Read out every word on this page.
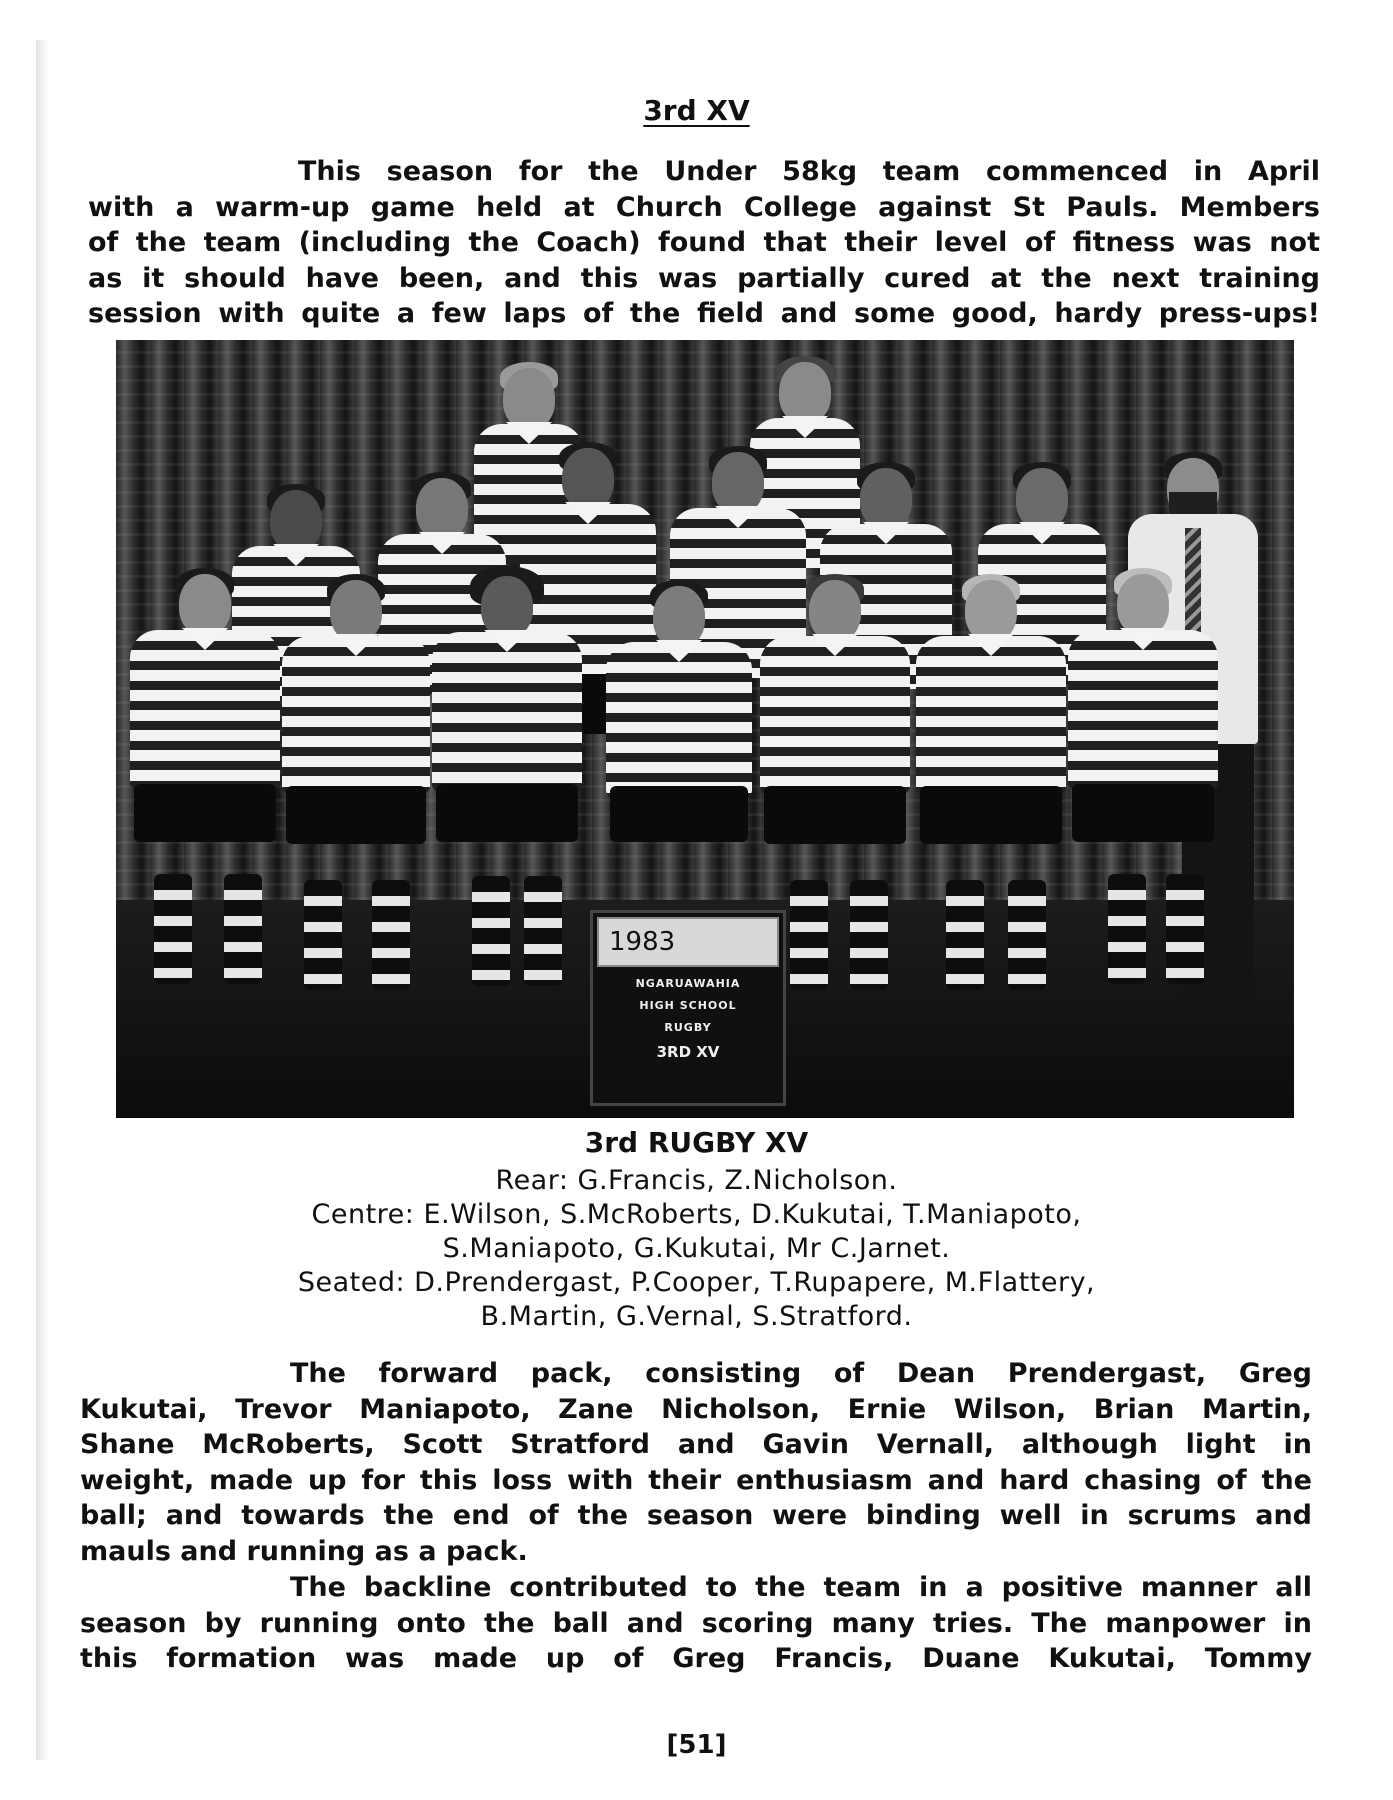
3rd XV
This season for the Under 58kg team commenced in April
with a warm-up game held at Church College against St Pauls. Members
of the team (including the Coach) found that their level of fitness was not
as it should have been, and this was partially cured at the next training
session with quite a few laps of the field and some good, hardy press-ups!
1983
NGARUAWAHIA
HIGH SCHOOL
RUGBY
3RD XV
3rd RUGBY XV
Rear: G.Francis, Z.Nicholson.
Centre: E.Wilson, S.McRoberts, D.Kukutai, T.Maniapoto,
S.Maniapoto, G.Kukutai, Mr C.Jarnet.
Seated: D.Prendergast, P.Cooper, T.Rupapere, M.Flattery,
B.Martin, G.Vernal, S.Stratford.
The forward pack, consisting of Dean Prendergast, Greg
Kukutai, Trevor Maniapoto, Zane Nicholson, Ernie Wilson, Brian Martin,
Shane McRoberts, Scott Stratford and Gavin Vernall, although light in
weight, made up for this loss with their enthusiasm and hard chasing of the
ball; and towards the end of the season were binding well in scrums and
mauls and running as a pack.
The backline contributed to the team in a positive manner all
season by running onto the ball and scoring many tries. The manpower in
this formation was made up of Greg Francis, Duane Kukutai, Tommy
[51]
